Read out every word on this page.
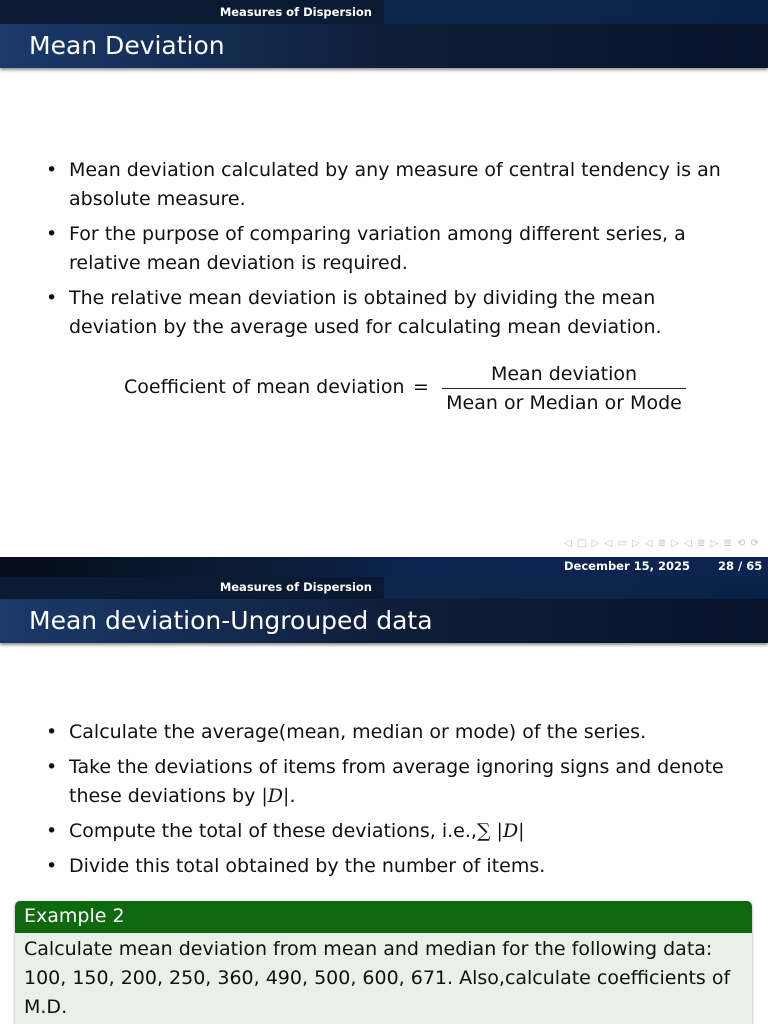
Measures of Dispersion
Mean Deviation
• Mean deviation calculated by any measure of central tendency is an absolute measure.
• For the purpose of comparing variation among different series, a relative mean deviation is required.
• The relative mean deviation is obtained by dividing the mean deviation by the average used for calculating mean deviation.
Coefficient of mean deviation =
Mean deviation
Mean or Median or Mode
◁ □ ▷ ◁ ▭ ▷ ◁ ≣ ▷ ◁ ≣ ▷ ≣ ⟲ ⟳
December 15, 2025 28 / 65
Measures of Dispersion
Mean deviation-Ungrouped data
• Calculate the average(mean, median or mode) of the series.
• Take the deviations of items from average ignoring signs and denote these deviations by |D|.
• Compute the total of these deviations, i.e.,∑ |D|
• Divide this total obtained by the number of items.
Example 2
Calculate mean deviation from mean and median for the following data: 100, 150, 200, 250, 360, 490, 500, 600, 671. Also,calculate coefficients of M.D.
